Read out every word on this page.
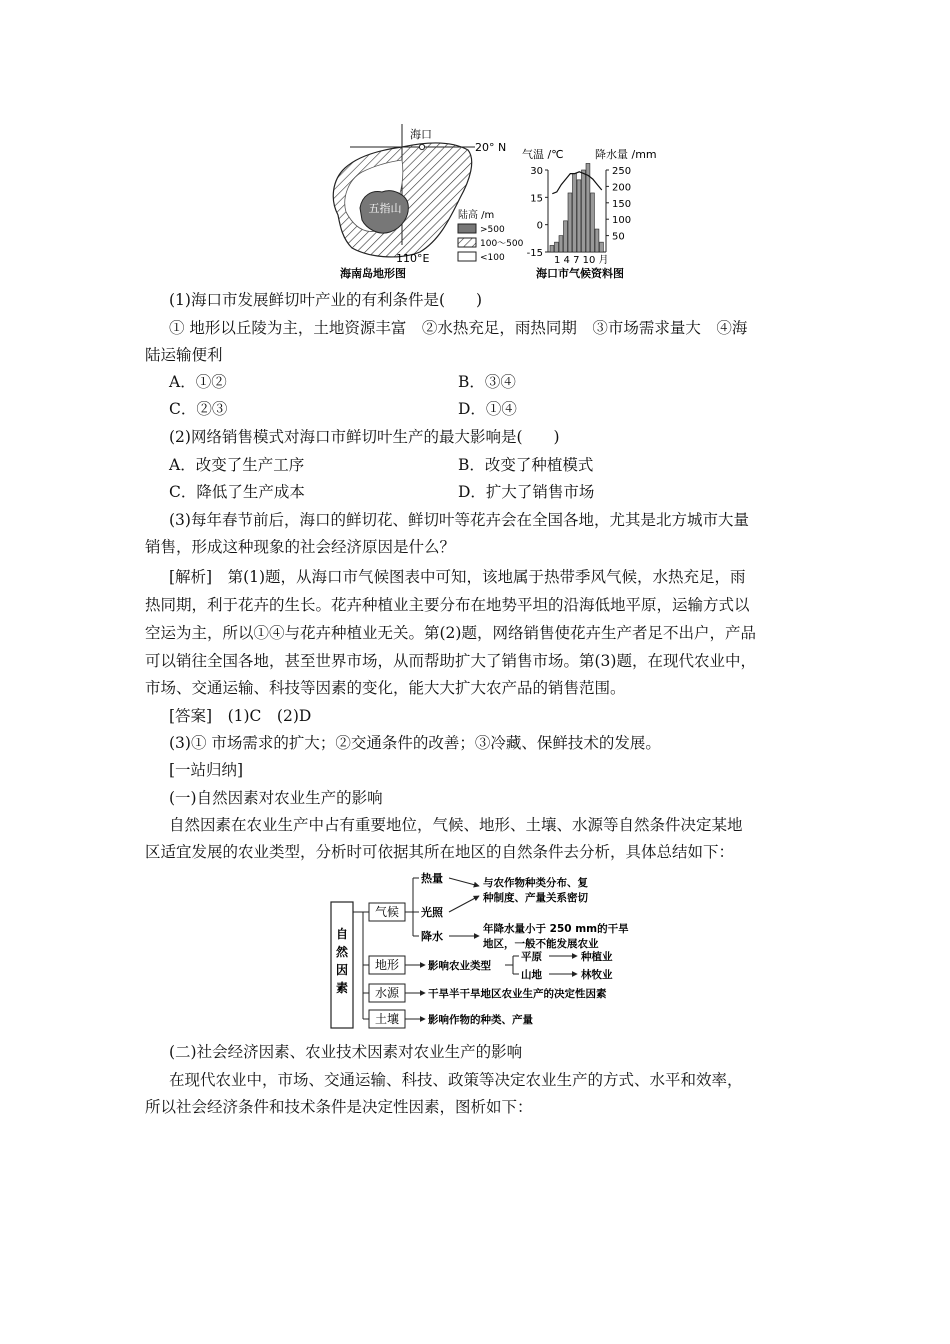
五指山
海口
20° N
110°E
海南岛地形图
陆高 /m
>500
100～500
<100
气温 /℃	降水量 /mm
1 4 7 10 月
海口市气候资料图
30
15
0
-15
250
200
150
100
50
(1)海口市发展鲜切叶产业的有利条件是(　　)
① 地形以丘陵为主，土地资源丰富　②水热充足，雨热同期　③市场需求量大　④海
陆运输便利
A．①②	B．③④
C．②③	D．①④
(2)网络销售模式对海口市鲜切叶生产的最大影响是(　　)
A．改变了生产工序	B．改变了种植模式
C．降低了生产成本	D．扩大了销售市场
(3)每年春节前后，海口的鲜切花、鲜切叶等花卉会在全国各地，尤其是北方城市大量
销售，形成这种现象的社会经济原因是什么？
[解析]　第(1)题，从海口市气候图表中可知，该地属于热带季风气候，水热充足，雨
热同期，利于花卉的生长。花卉种植业主要分布在地势平坦的沿海低地平原，运输方式以
空运为主，所以①④与花卉种植业无关。第(2)题，网络销售使花卉生产者足不出户，产品
可以销往全国各地，甚至世界市场，从而帮助扩大了销售市场。第(3)题，在现代农业中，
市场、交通运输、科技等因素的变化，能大大扩大农产品的销售范围。
[答案]　(1)C　(2)D
(3)① 市场需求的扩大；②交通条件的改善；③冷藏、保鲜技术的发展。
[一站归纳]
(一)自然因素对农业生产的影响
自然因素在农业生产中占有重要地位，气候、地形、土壤、水源等自然条件决定某地
区适宜发展的农业类型，分析时可依据其所在地区的自然条件去分析，具体总结如下：
自
然
因
素
气候
热量
光照
降水
与农作物种类分布、复
种制度、产量关系密切
年降水量小于 250 mm的干旱
地区，一般不能发展农业
地形	影响农业类型
平原	种植业
山地	林牧业
水源	干旱半干旱地区农业生产的决定性因素
土壤	影响作物的种类、产量
(二)社会经济因素、农业技术因素对农业生产的影响
在现代农业中，市场、交通运输、科技、政策等决定农业生产的方式、水平和效率，
所以社会经济条件和技术条件是决定性因素，图析如下：
